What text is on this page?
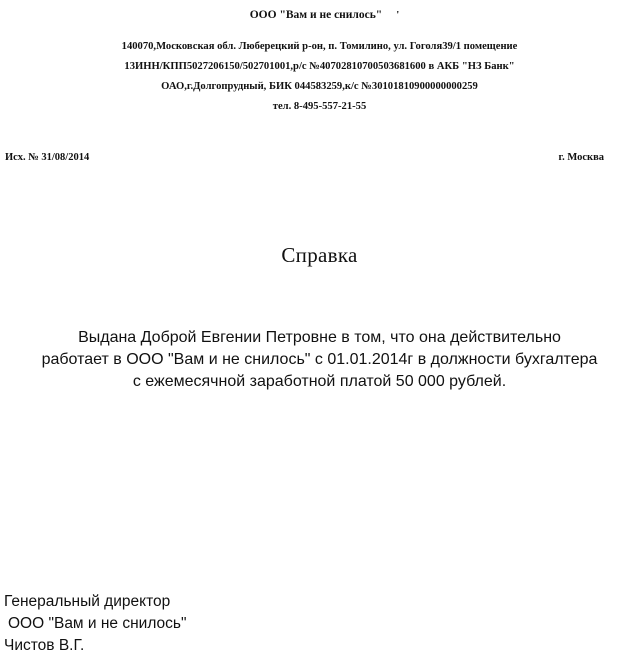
ООО "Вам и не снилось" '
140070,Московская обл. Люберецкий р-он, п. Томилино, ул. Гоголя39/1 помещение
13ИНН/КПП5027206150/502701001,р/с №40702810700503681600 в АКБ "НЗ Банк"
ОАО,г.Долгопрудный, БИК 044583259,к/с №30101810900000000259
тел. 8-495-557-21-55
Исх. № 31/08/2014	г. Москва
Справка
Выдана Доброй Евгении Петровне в том, что она действительно
работает в ООО "Вам и не снилось" с 01.01.2014г в должности бухгалтера
с ежемесячной заработной платой 50 000 рублей.
Генеральный директор
ООО "Вам и не снилось"
Чистов В.Г.
